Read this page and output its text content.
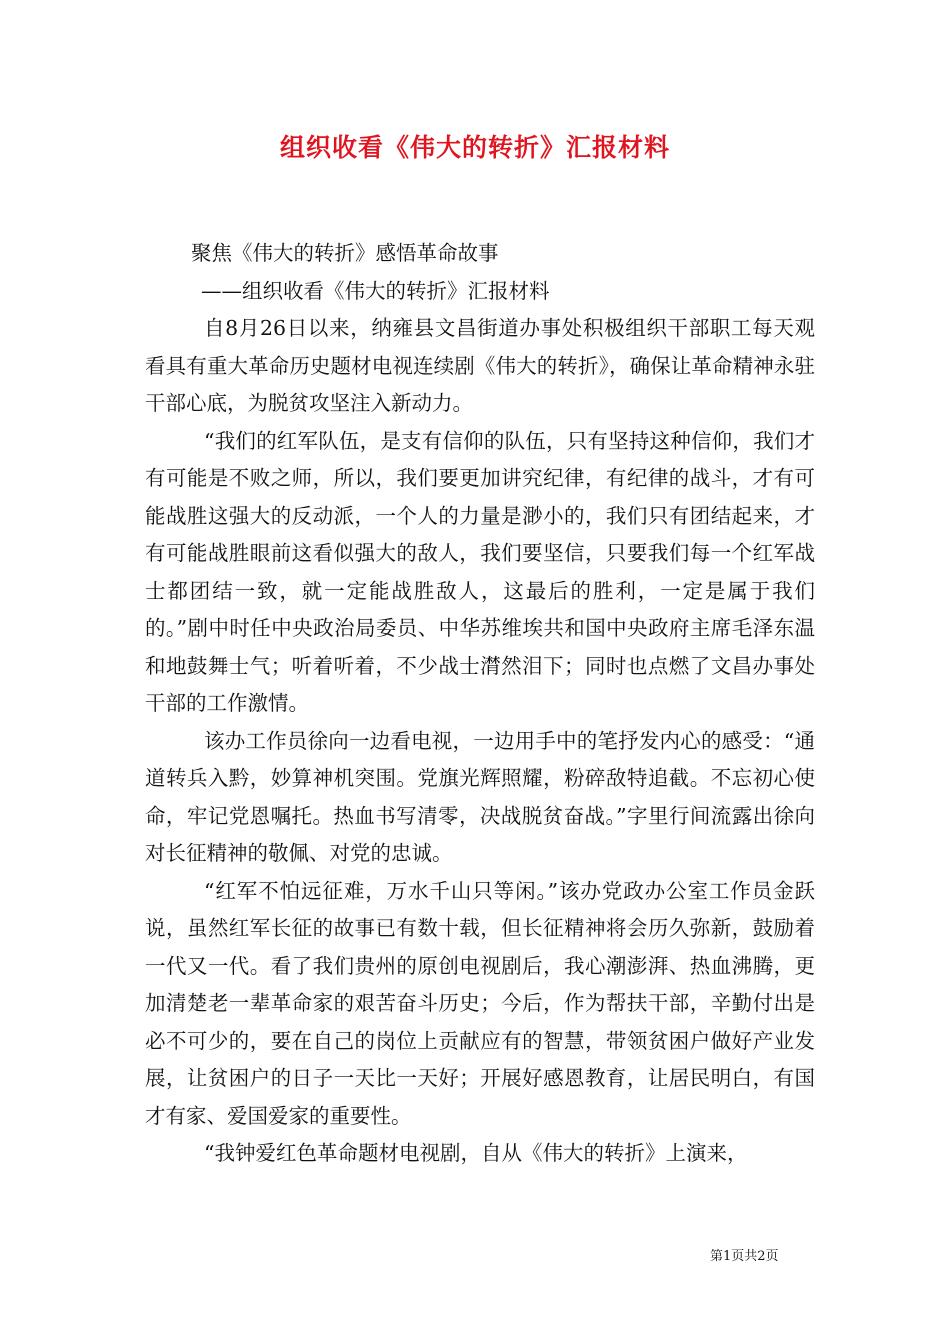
组织收看《伟大的转折》汇报材料

聚焦《伟大的转折》感悟革命故事

——组织收看《伟大的转折》汇报材料

自8月26日以来，纳雍县文昌街道办事处积极组织干部职工每天观看具有重大革命历史题材电视连续剧《伟大的转折》，确保让革命精神永驻干部心底，为脱贫攻坚注入新动力。

“我们的红军队伍，是支有信仰的队伍，只有坚持这种信仰，我们才有可能是不败之师，所以，我们要更加讲究纪律，有纪律的战斗，才有可能战胜这强大的反动派，一个人的力量是渺小的，我们只有团结起来，才有可能战胜眼前这看似强大的敌人，我们要坚信，只要我们每一个红军战士都团结一致，就一定能战胜敌人，这最后的胜利，一定是属于我们的。”剧中时任中央政治局委员、中华苏维埃共和国中央政府主席毛泽东温和地鼓舞士气；听着听着，不少战士潸然泪下；同时也点燃了文昌办事处干部的工作激情。

该办工作员徐向一边看电视，一边用手中的笔抒发内心的感受：“通道转兵入黔，妙算神机突围。党旗光辉照耀，粉碎敌特追截。不忘初心使命，牢记党恩嘱托。热血书写清零，决战脱贫奋战。”字里行间流露出徐向对长征精神的敬佩、对党的忠诚。

“红军不怕远征难，万水千山只等闲。”该办党政办公室工作员金跃说，虽然红军长征的故事已有数十载，但长征精神将会历久弥新，鼓励着一代又一代。看了我们贵州的原创电视剧后，我心潮澎湃、热血沸腾，更加清楚老一辈革命家的艰苦奋斗历史；今后，作为帮扶干部，辛勤付出是必不可少的，要在自己的岗位上贡献应有的智慧，带领贫困户做好产业发展，让贫困户的日子一天比一天好；开展好感恩教育，让居民明白，有国才有家、爱国爱家的重要性。

“我钟爱红色革命题材电视剧，自从《伟大的转折》上演来，

第1页共2页
